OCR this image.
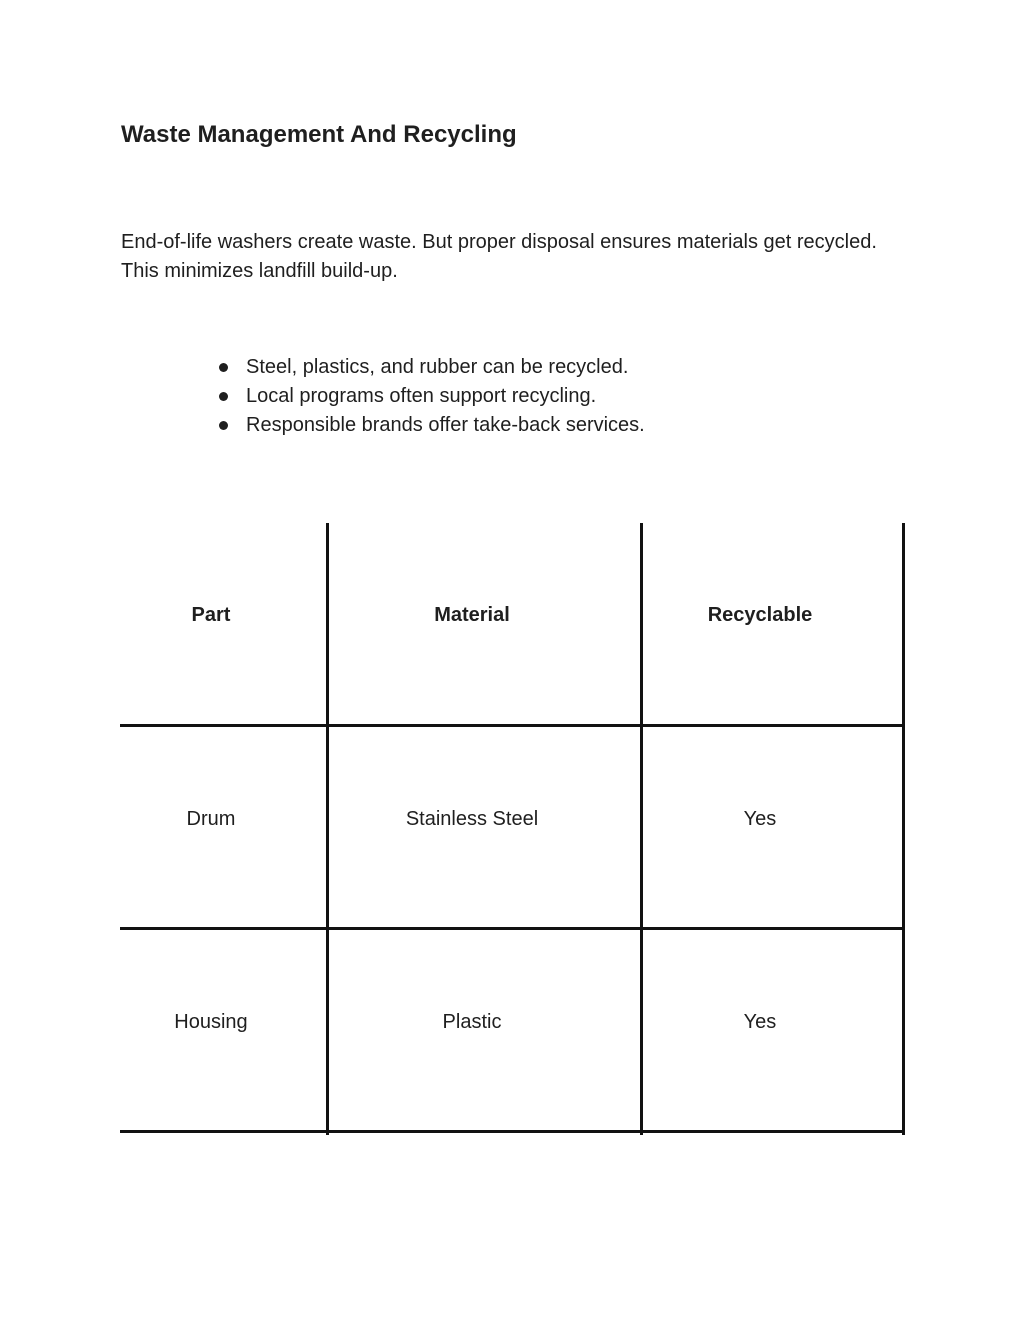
Waste Management And Recycling

End-of-life washers create waste. But proper disposal ensures materials get recycled. This minimizes landfill build-up.

Steel, plastics, and rubber can be recycled.
Local programs often support recycling.
Responsible brands offer take-back services.
Part	Material	Recyclable
Drum	Stainless Steel	Yes
Housing	Plastic	Yes
